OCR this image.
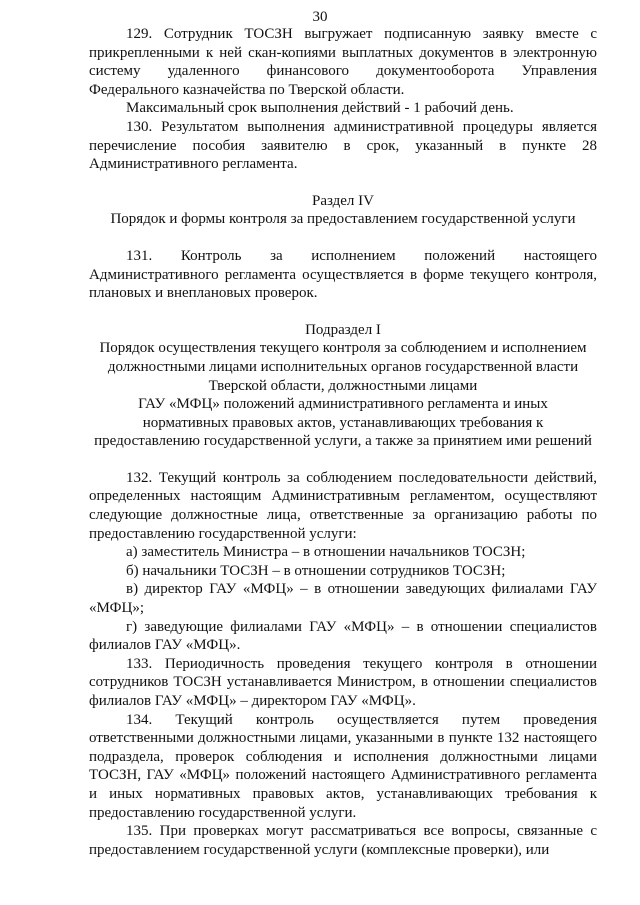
30

129. Сотрудник ТОСЗН выгружает подписанную заявку вместе с прикрепленными к ней скан-копиями выплатных документов в электронную систему удаленного финансового документооборота Управления Федерального казначейства по Тверской области.

Максимальный срок выполнения действий - 1 рабочий день.

130. Результатом выполнения административной процедуры является перечисление пособия заявителю в срок, указанный в пункте 28 Административного регламента.

Раздел IV

Порядок и формы контроля за предоставлением государственной услуги

131. Контроль за исполнением положений настоящего Административного регламента осуществляется в форме текущего контроля, плановых и внеплановых проверок.

Подраздел I

Порядок осуществления текущего контроля за соблюдением и исполнением

должностными лицами исполнительных органов государственной власти

Тверской области, должностными лицами

ГАУ «МФЦ» положений административного регламента и иных

нормативных правовых актов, устанавливающих требования к

предоставлению государственной услуги, а также за принятием ими решений

132. Текущий контроль за соблюдением последовательности действий, определенных настоящим Административным регламентом, осуществляют следующие должностные лица, ответственные за организацию работы по предоставлению государственной услуги:

а) заместитель Министра – в отношении начальников ТОСЗН;

б) начальники ТОСЗН – в отношении сотрудников ТОСЗН;

в) директор ГАУ «МФЦ» – в отношении заведующих филиалами ГАУ «МФЦ»;

г) заведующие филиалами ГАУ «МФЦ» – в отношении специалистов филиалов ГАУ «МФЦ».

133. Периодичность проведения текущего контроля в отношении сотрудников ТОСЗН устанавливается Министром, в отношении специалистов филиалов ГАУ «МФЦ» – директором ГАУ «МФЦ».

134. Текущий контроль осуществляется путем проведения ответственными должностными лицами, указанными в пункте 132 настоящего подраздела, проверок соблюдения и исполнения должностными лицами ТОСЗН, ГАУ «МФЦ» положений настоящего Административного регламента и иных нормативных правовых актов, устанавливающих требования к предоставлению государственной услуги.

135. При проверках могут рассматриваться все вопросы, связанные с предоставлением государственной услуги (комплексные проверки), или
